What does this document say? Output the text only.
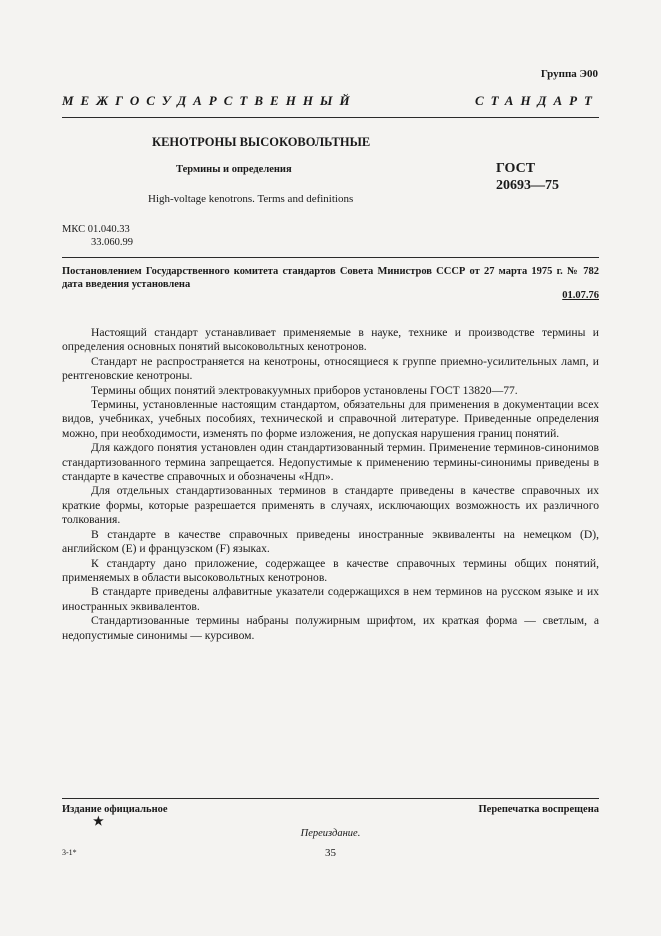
Группа Э00
МЕЖГОСУДАРСТВЕННЫЙ СТАНДАРТ
КЕНОТРОНЫ ВЫСОКОВОЛЬТНЫЕ
Термины и определения	ГОСТ
20693—75
High-voltage kenotrons. Terms and definitions
МКС 01.040.33
33.060.99
Постановлением Государственного комитета стандартов Совета Министров СССР от 27 марта 1975 г. № 782 дата введения установлена
01.07.76

Настоящий стандарт устанавливает применяемые в науке, технике и производстве термины и определения основных понятий высоковольтных кенотронов.

Стандарт не распространяется на кенотроны, относящиеся к группе приемно-усилительных ламп, и рентгеновские кенотроны.

Термины общих понятий электровакуумных приборов установлены ГОСТ 13820—77.

Термины, установленные настоящим стандартом, обязательны для применения в документации всех видов, учебниках, учебных пособиях, технической и справочной литературе. Приведенные определения можно, при необходимости, изменять по форме изложения, не допуская нарушения границ понятий.

Для каждого понятия установлен один стандартизованный термин. Применение терминов-синонимов стандартизованного термина запрещается. Недопустимые к применению термины-синонимы приведены в стандарте в качестве справочных и обозначены «Ндп».

Для отдельных стандартизованных терминов в стандарте приведены в качестве справочных их краткие формы, которые разрешается применять в случаях, исключающих возможность их различного толкования.

В стандарте в качестве справочных приведены иностранные эквиваленты на немецком (D), английском (E) и французском (F) языках.

К стандарту дано приложение, содержащее в качестве справочных термины общих понятий, применяемых в области высоковольтных кенотронов.

В стандарте приведены алфавитные указатели содержащихся в нем терминов на русском языке и их иностранных эквивалентов.

Стандартизованные термины набраны полужирным шрифтом, их краткая форма — светлым, а недопустимые синонимы — курсивом.

Издание официальное	Перепечатка воспрещена
★
Переиздание.
3-1*	35
